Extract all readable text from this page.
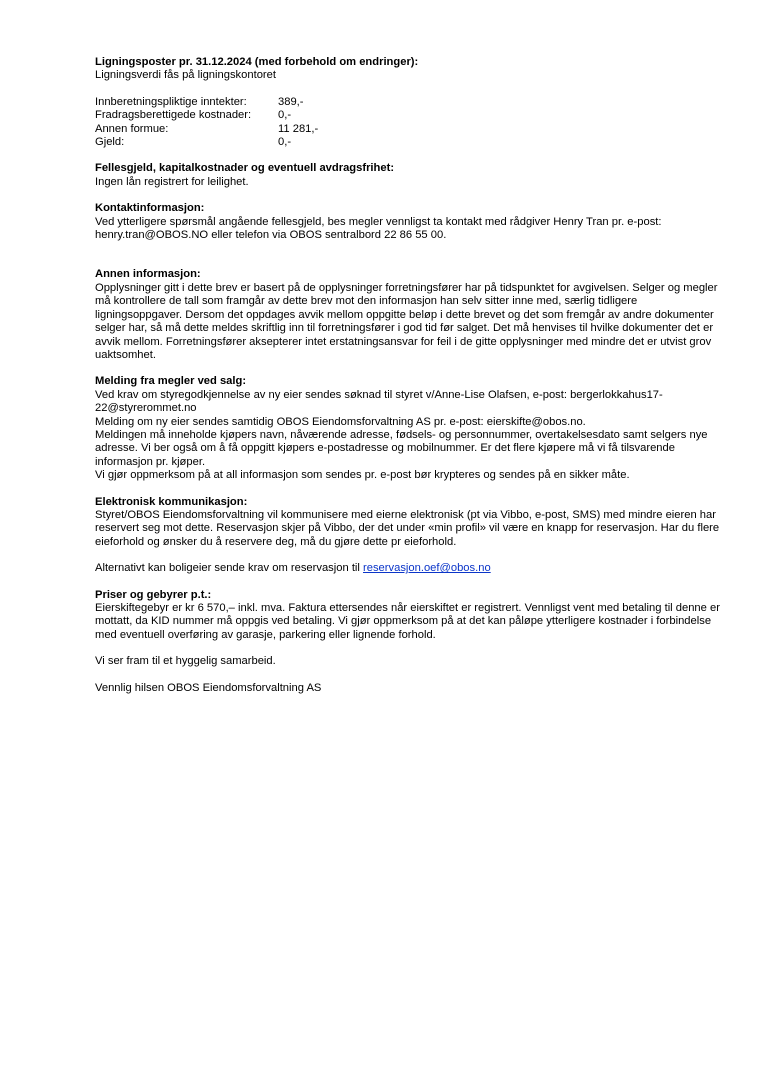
Ligningsposter pr. 31.12.2024 (med forbehold om endringer):

Ligningsverdi fås på ligningskontoret

Innberetningspliktige inntekter:	389,-
Fradragsberettigede kostnader:	0,-
Annen formue:	11 281,-
Gjeld:	0,-
Fellesgjeld, kapitalkostnader og eventuell avdragsfrihet:

Ingen lån registrert for leilighet.

Kontaktinformasjon:

Ved ytterligere spørsmål angående fellesgjeld, bes megler vennligst ta kontakt med rådgiver Henry Tran pr. e-post: henry.tran@OBOS.NO eller telefon via OBOS sentralbord 22 86 55 00.

Annen informasjon:

Opplysninger gitt i dette brev er basert på de opplysninger forretningsfører har på tidspunktet for avgivelsen. Selger og megler må kontrollere de tall som framgår av dette brev mot den informasjon han selv sitter inne med, særlig tidligere ligningsoppgaver. Dersom det oppdages avvik mellom oppgitte beløp i dette brevet og det som fremgår av andre dokumenter selger har, så må dette meldes skriftlig inn til forretningsfører i god tid før salget. Det må henvises til hvilke dokumenter det er avvik mellom. Forretningsfører aksepterer intet erstatningsansvar for feil i de gitte opplysninger med mindre det er utvist grov uaktsomhet.

Melding fra megler ved salg:

Ved krav om styregodkjennelse av ny eier sendes søknad til styret v/Anne-Lise Olafsen, e-post: bergerlokkahus17-22@styrerommet.no

Melding om ny eier sendes samtidig OBOS Eiendomsforvaltning AS pr. e-post: eierskifte@obos.no.

Meldingen må inneholde kjøpers navn, nåværende adresse, fødsels- og personnummer, overtakelsesdato samt selgers nye adresse. Vi ber også om å få oppgitt kjøpers e-postadresse og mobilnummer. Er det flere kjøpere må vi få tilsvarende informasjon pr. kjøper.

Vi gjør oppmerksom på at all informasjon som sendes pr. e-post bør krypteres og sendes på en sikker måte.

Elektronisk kommunikasjon:

Styret/OBOS Eiendomsforvaltning vil kommunisere med eierne elektronisk (pt via Vibbo, e-post, SMS) med mindre eieren har reservert seg mot dette. Reservasjon skjer på Vibbo, der det under «min profil» vil være en knapp for reservasjon. Har du flere eieforhold og ønsker du å reservere deg, må du gjøre dette pr eieforhold.

Alternativt kan boligeier sende krav om reservasjon til reservasjon.oef@obos.no

Priser og gebyrer p.t.:

Eierskiftegebyr er kr 6 570,– inkl. mva. Faktura ettersendes når eierskiftet er registrert. Vennligst vent med betaling til denne er mottatt, da KID nummer må oppgis ved betaling. Vi gjør oppmerksom på at det kan påløpe ytterligere kostnader i forbindelse med eventuell overføring av garasje, parkering eller lignende forhold.

Vi ser fram til et hyggelig samarbeid.

Vennlig hilsen OBOS Eiendomsforvaltning AS
